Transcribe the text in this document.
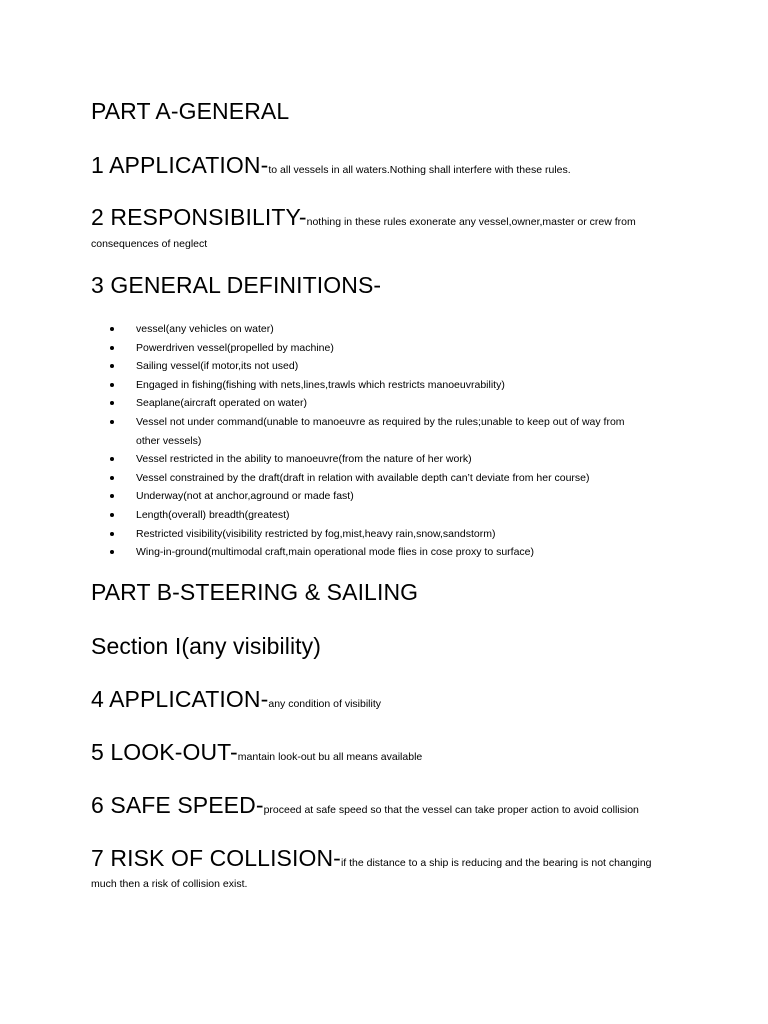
PART A-GENERAL
1 APPLICATION-to all vessels in all waters.Nothing shall interfere with these rules.
2 RESPONSIBILITY-nothing in these rules exonerate any vessel,owner,master or crew from
consequences of neglect
3 GENERAL DEFINITIONS-
vessel(any vehicles on water)
Powerdriven vessel(propelled by machine)
Sailing vessel(if motor,its not used)
Engaged in fishing(fishing with nets,lines,trawls which restricts manoeuvrability)
Seaplane(aircraft operated on water)
Vessel not under command(unable to manoeuvre as required by the rules;unable to keep out of way from
other vessels)
Vessel restricted in the ability to manoeuvre(from the nature of her work)
Vessel constrained by the draft(draft in relation with available depth can’t deviate from her course)
Underway(not at anchor,aground or made fast)
Length(overall) breadth(greatest)
Restricted visibility(visibility restricted by fog,mist,heavy rain,snow,sandstorm)
Wing-in-ground(multimodal craft,main operational mode flies in cose proxy to surface)
PART B-STEERING & SAILING
Section I(any visibility)
4 APPLICATION-any condition of visibility
5 LOOK-OUT-mantain look-out bu all means available
6 SAFE SPEED-proceed at safe speed so that the vessel can take proper action to avoid collision
7 RISK OF COLLISION-if the distance to a ship is reducing and the bearing is not changing
much then a risk of collision exist.
